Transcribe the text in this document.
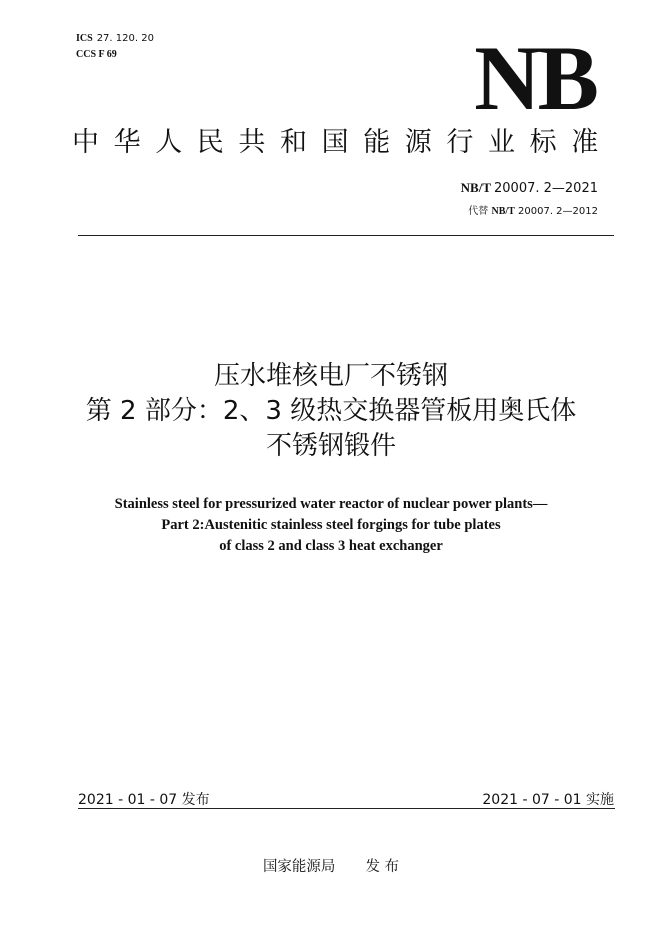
ICS 27. 120. 20
CCS F 69	NB
中华人民共和国能源行业标准
NB/T 20007. 2—2021
代替 NB/T 20007. 2—2012
压水堆核电厂不锈钢
第 2 部分：2、3 级热交换器管板用奥氏体
不锈钢锻件
Stainless steel for pressurized water reactor of nuclear power plants—
Part 2:Austenitic stainless steel forgings for tube plates
of class 2 and class 3 heat exchanger
2021 - 01 - 07 发布	2021 - 07 - 01 实施
国家能源局 发 布
